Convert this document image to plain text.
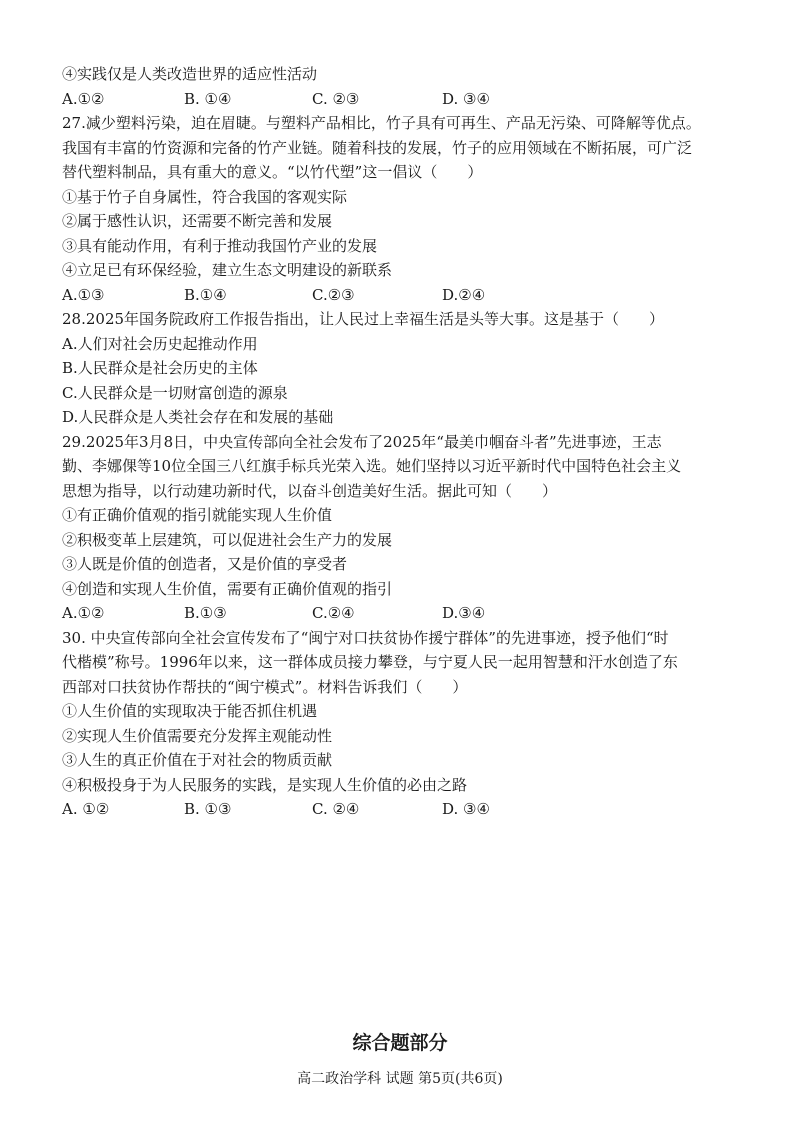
④实践仅是人类改造世界的适应性活动
A.①②	B. ①④	C. ②③	D. ③④
27.减少塑料污染，迫在眉睫。与塑料产品相比，竹子具有可再生、产品无污染、可降解等优点。
我国有丰富的竹资源和完备的竹产业链。随着科技的发展，竹子的应用领域在不断拓展，可广泛
替代塑料制品，具有重大的意义。“以竹代塑”这一倡议（　　）
①基于竹子自身属性，符合我国的客观实际
②属于感性认识，还需要不断完善和发展
③具有能动作用，有利于推动我国竹产业的发展
④立足已有环保经验，建立生态文明建设的新联系
A.①③	B.①④	C.②③	D.②④
28.2025年国务院政府工作报告指出，让人民过上幸福生活是头等大事。这是基于（　　）
A.人们对社会历史起推动作用
B.人民群众是社会历史的主体
C.人民群众是一切财富创造的源泉
D.人民群众是人类社会存在和发展的基础
29.2025年3月8日，中央宣传部向全社会发布了2025年“最美巾帼奋斗者”先进事迹，王志
勤、李娜倮等10位全国三八红旗手标兵光荣入选。她们坚持以习近平新时代中国特色社会主义
思想为指导，以行动建功新时代，以奋斗创造美好生活。据此可知（　　）
①有正确价值观的指引就能实现人生价值
②积极变革上层建筑，可以促进社会生产力的发展
③人既是价值的创造者，又是价值的享受者
④创造和实现人生价值，需要有正确价值观的指引
A.①②	B.①③	C.②④	D.③④
30. 中央宣传部向全社会宣传发布了“闽宁对口扶贫协作援宁群体”的先进事迹，授予他们“时
代楷模”称号。1996年以来，这一群体成员接力攀登，与宁夏人民一起用智慧和汗水创造了东
西部对口扶贫协作帮扶的“闽宁模式”。材料告诉我们（　　）
①人生价值的实现取决于能否抓住机遇
②实现人生价值需要充分发挥主观能动性
③人生的真正价值在于对社会的物质贡献
④积极投身于为人民服务的实践，是实现人生价值的必由之路
A. ①②	B. ①③	C. ②④	D. ③④
综合题部分
高二政治学科 试题 第5页(共6页)
